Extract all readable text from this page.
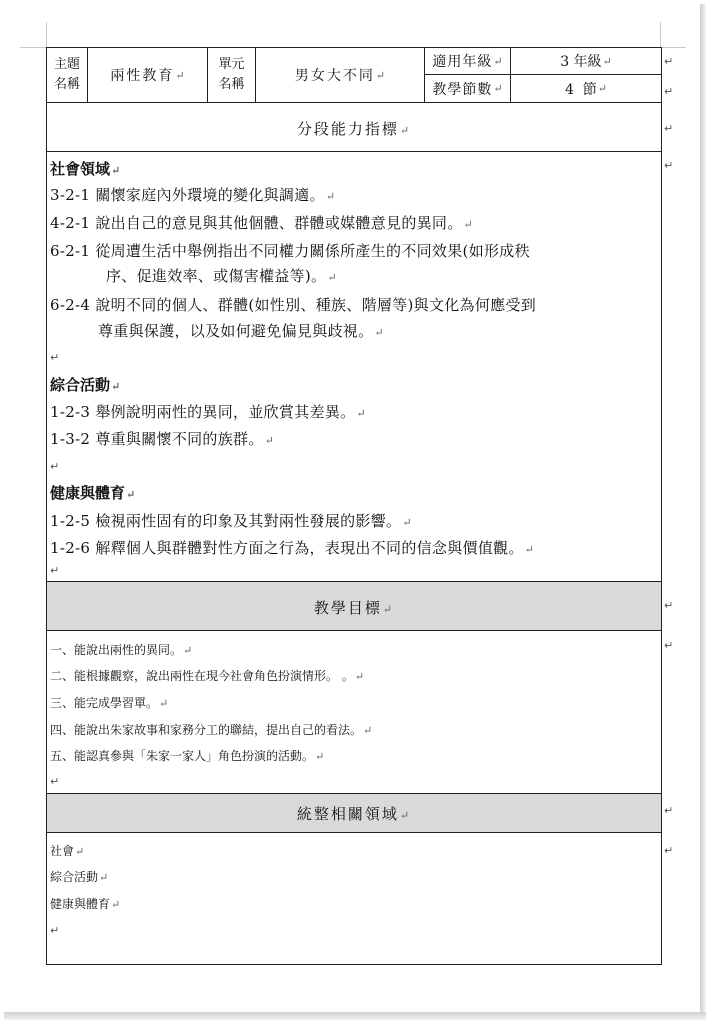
↵
↵
↵
↵
↵
↵
↵
↵
主題
名稱
兩性教育 ↵
單元
名稱
男女大不同 ↵
適用年級 ↵	3 年級 ↵
教學節數 ↵	4  節 ↵
分段能力指標↵
社會領域↵
3-2-1 關懷家庭內外環境的變化與調適。↵
4-2-1 說出自己的意見與其他個體、群體或媒體意見的異同。↵
6-2-1 從周遭生活中舉例指出不同權力關係所產生的不同效果(如形成秩
序、促進效率、或傷害權益等)。↵
6-2-4 說明不同的個人、群體(如性別、種族、階層等)與文化為何應受到
尊重與保護，以及如何避免偏見與歧視。↵
↵
綜合活動↵
1-2-3 舉例說明兩性的異同，並欣賞其差異。↵
1-3-2 尊重與關懷不同的族群。↵
↵
健康與體育↵
1-2-5 檢視兩性固有的印象及其對兩性發展的影響。↵
1-2-6 解釋個人與群體對性方面之行為，表現出不同的信念與價值觀。↵
↵
教學目標↵
一、能說出兩性的異同。↵
二、能根據觀察，說出兩性在現今社會角色扮演情形。 。↵
三、能完成學習單。↵
四、能說出朱家故事和家務分工的聯結，提出自己的看法。↵
五、能認真參與「朱家一家人」角色扮演的活動。↵
↵
統整相關領域↵
社會↵
綜合活動↵
健康與體育↵
↵
